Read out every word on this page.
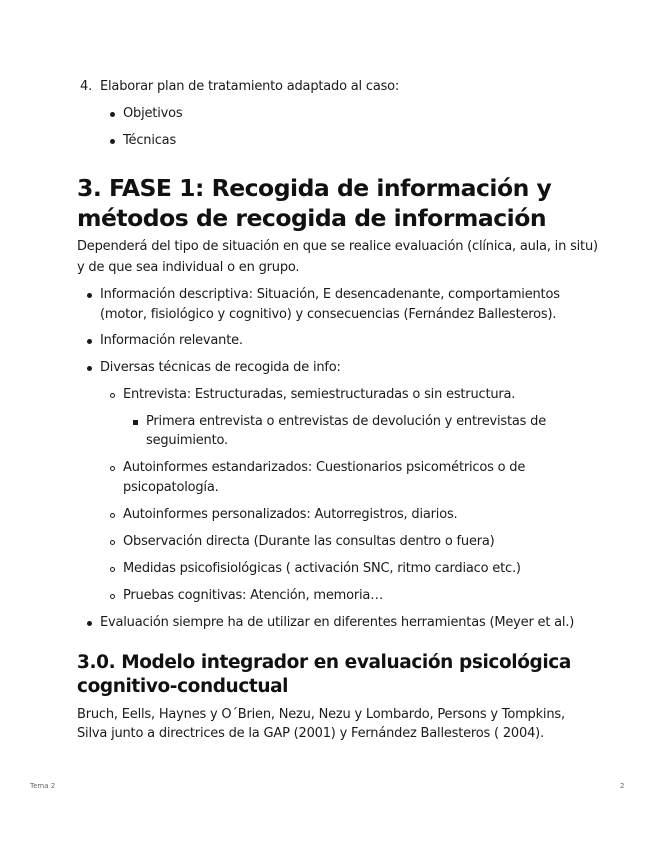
4. Elaborar plan de tratamiento adaptado al caso:
Objetivos
Técnicas
3. FASE 1: Recogida de información y
métodos de recogida de información
Dependerá del tipo de situación en que se realice evaluación (clínica, aula, in situ)
y de que sea individual o en grupo.
Información descriptiva: Situación, E desencadenante, comportamientos
(motor, fisiológico y cognitivo) y consecuencias (Fernández Ballesteros).
Información relevante.
Diversas técnicas de recogida de info:
Entrevista: Estructuradas, semiestructuradas o sin estructura.
Primera entrevista o entrevistas de devolución y entrevistas de
seguimiento.
Autoinformes estandarizados: Cuestionarios psicométricos o de
psicopatología.
Autoinformes personalizados: Autorregistros, diarios.
Observación directa (Durante las consultas dentro o fuera)
Medidas psicofisiológicas ( activación SNC, ritmo cardiaco etc.)
Pruebas cognitivas: Atención, memoria…
Evaluación siempre ha de utilizar en diferentes herramientas (Meyer et al.)
3.0. Modelo integrador en evaluación psicológica
cognitivo-conductual
Bruch, Eells, Haynes y O´Brien, Nezu, Nezu y Lombardo, Persons y Tompkins,
Silva junto a directrices de la GAP (2001) y Fernández Ballesteros ( 2004).
Tema 2	2
